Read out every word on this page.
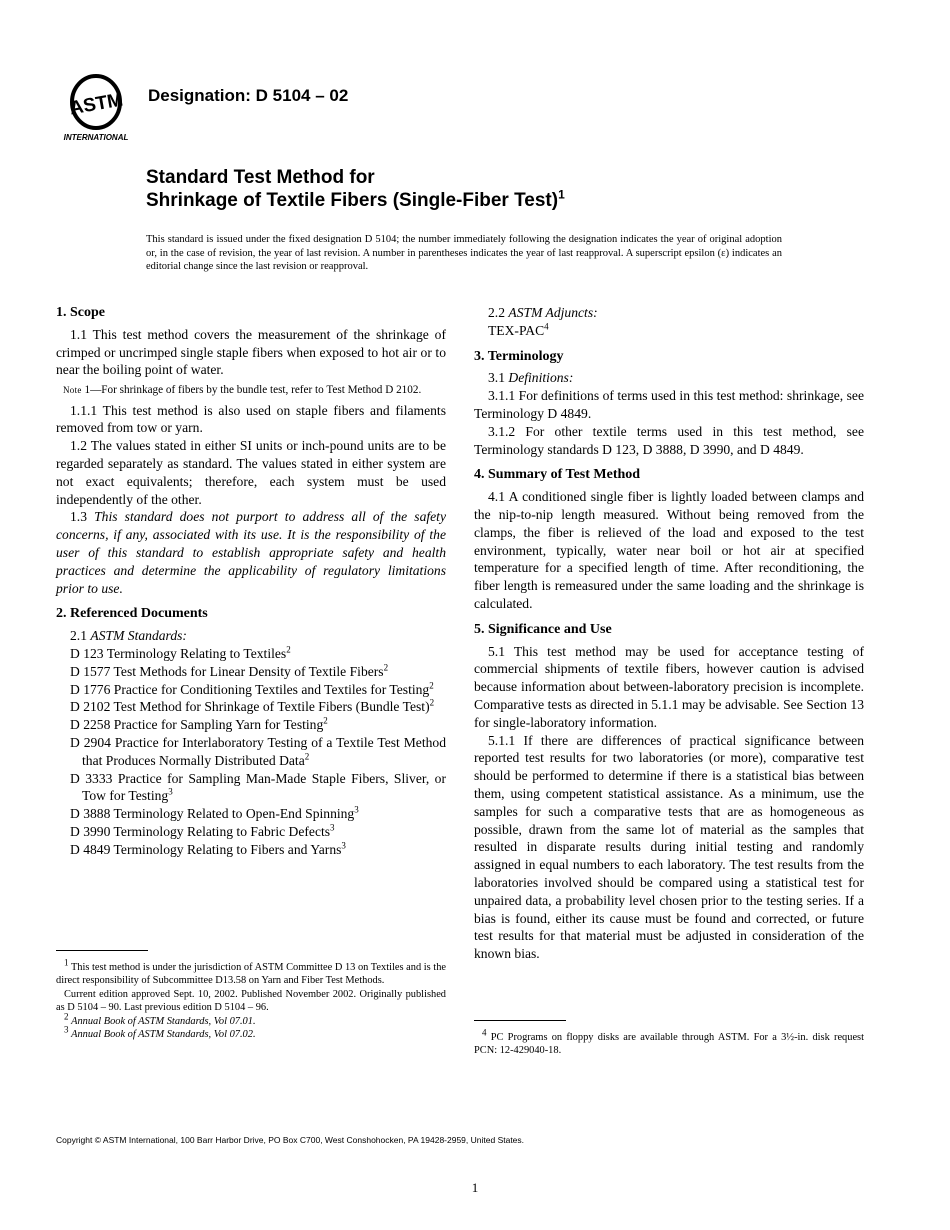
ASTM
INTERNATIONAL
Designation: D 5104 – 02
Standard Test Method for
Shrinkage of Textile Fibers (Single-Fiber Test)$^1$
This standard is issued under the fixed designation D 5104; the number immediately following the designation indicates the year of original adoption or, in the case of revision, the year of last revision. A number in parentheses indicates the year of last reapproval. A superscript epsilon (ε) indicates an editorial change since the last revision or reapproval.
1. Scope

1.1 This test method covers the measurement of the shrinkage of crimped or uncrimped single staple fibers when exposed to hot air or to near the boiling point of water.

Note 1—For shrinkage of fibers by the bundle test, refer to Test Method D 2102.

1.1.1 This test method is also used on staple fibers and filaments removed from tow or yarn.

1.2 The values stated in either SI units or inch-pound units are to be regarded separately as standard. The values stated in either system are not exact equivalents; therefore, each system must be used independently of the other.

1.3 This standard does not purport to address all of the safety concerns, if any, associated with its use. It is the responsibility of the user of this standard to establish appropriate safety and health practices and determine the applicability of regulatory limitations prior to use.

2. Referenced Documents

2.1 ASTM Standards:

D 123 Terminology Relating to Textiles$^2$

D 1577 Test Methods for Linear Density of Textile Fibers$^2$

D 1776 Practice for Conditioning Textiles and Textiles for Testing$^2$

D 2102 Test Method for Shrinkage of Textile Fibers (Bundle Test)$^2$

D 2258 Practice for Sampling Yarn for Testing$^2$

D 2904 Practice for Interlaboratory Testing of a Textile Test Method that Produces Normally Distributed Data$^2$

D 3333 Practice for Sampling Man-Made Staple Fibers, Sliver, or Tow for Testing$^3$

D 3888 Terminology Related to Open-End Spinning$^3$

D 3990 Terminology Relating to Fabric Defects$^3$

D 4849 Terminology Relating to Fibers and Yarns$^3$

2.2 ASTM Adjuncts:

TEX-PAC$^4$

3. Terminology

3.1 Definitions:

3.1.1 For definitions of terms used in this test method: shrinkage, see Terminology D 4849.

3.1.2 For other textile terms used in this test method, see Terminology standards D 123, D 3888, D 3990, and D 4849.

4. Summary of Test Method

4.1 A conditioned single fiber is lightly loaded between clamps and the nip-to-nip length measured. Without being removed from the clamps, the fiber is relieved of the load and exposed to the test environment, typically, water near boil or hot air at specified temperature for a specified length of time. After reconditioning, the fiber length is remeasured under the same loading and the shrinkage is calculated.

5. Significance and Use

5.1 This test method may be used for acceptance testing of commercial shipments of textile fibers, however caution is advised because information about between-laboratory precision is incomplete. Comparative tests as directed in 5.1.1 may be advisable. See Section 13 for single-laboratory information.

5.1.1 If there are differences of practical significance between reported test results for two laboratories (or more), comparative test should be performed to determine if there is a statistical bias between them, using competent statistical assistance. As a minimum, use the samples for such a comparative tests that are as homogeneous as possible, drawn from the same lot of material as the samples that resulted in disparate results during initial testing and randomly assigned in equal numbers to each laboratory. The test results from the laboratories involved should be compared using a statistical test for unpaired data, a probability level chosen prior to the testing series. If a bias is found, either its cause must be found and corrected, or future test results for that material must be adjusted in consideration of the known bias.

$^1$ This test method is under the jurisdiction of ASTM Committee D 13 on Textiles and is the direct responsibility of Subcommittee D13.58 on Yarn and Fiber Test Methods.

Current edition approved Sept. 10, 2002. Published November 2002. Originally published as D 5104 – 90. Last previous edition D 5104 – 96.

$^2$ Annual Book of ASTM Standards, Vol 07.01.

$^3$ Annual Book of ASTM Standards, Vol 07.02.	$^4$ PC Programs on floppy disks are available through ASTM. For a 3½-in. disk request PCN: 12-429040-18.

Copyright © ASTM International, 100 Barr Harbor Drive, PO Box C700, West Conshohocken, PA 19428-2959, United States.
1
